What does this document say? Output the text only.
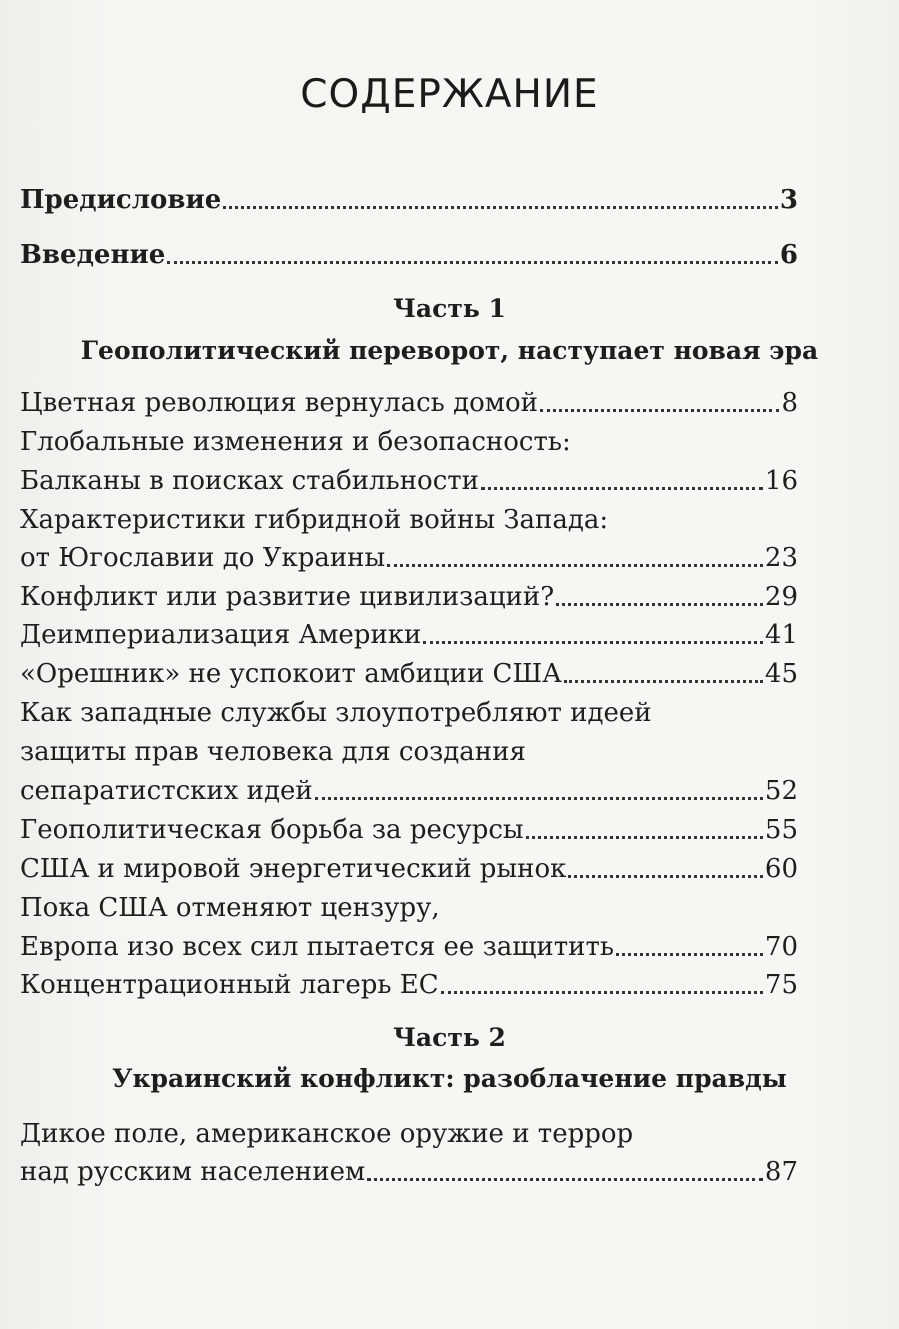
СОДЕРЖАНИЕ
Предисловие	3
Введение	6
Часть 1
Геополитический переворот, наступает новая эра
Цветная революция вернулась домой	8
Глобальные изменения и безопасность:
Балканы в поисках стабильности	16
Характеристики гибридной войны Запада:
от Югославии до Украины	23
Конфликт или развитие цивилизаций?	29
Деимпериализация Америки	41
«Орешник» не успокоит амбиции США	45
Как западные службы злоупотребляют идеей
защиты прав человека для создания
сепаратистских идей	52
Геополитическая борьба за ресурсы	55
США и мировой энергетический рынок	60
Пока США отменяют цензуру,
Европа изо всех сил пытается ее защитить	70
Концентрационный лагерь ЕС	75
Часть 2
Украинский конфликт: разоблачение правды
Дикое поле, американское оружие и террор
над русским населением	87
